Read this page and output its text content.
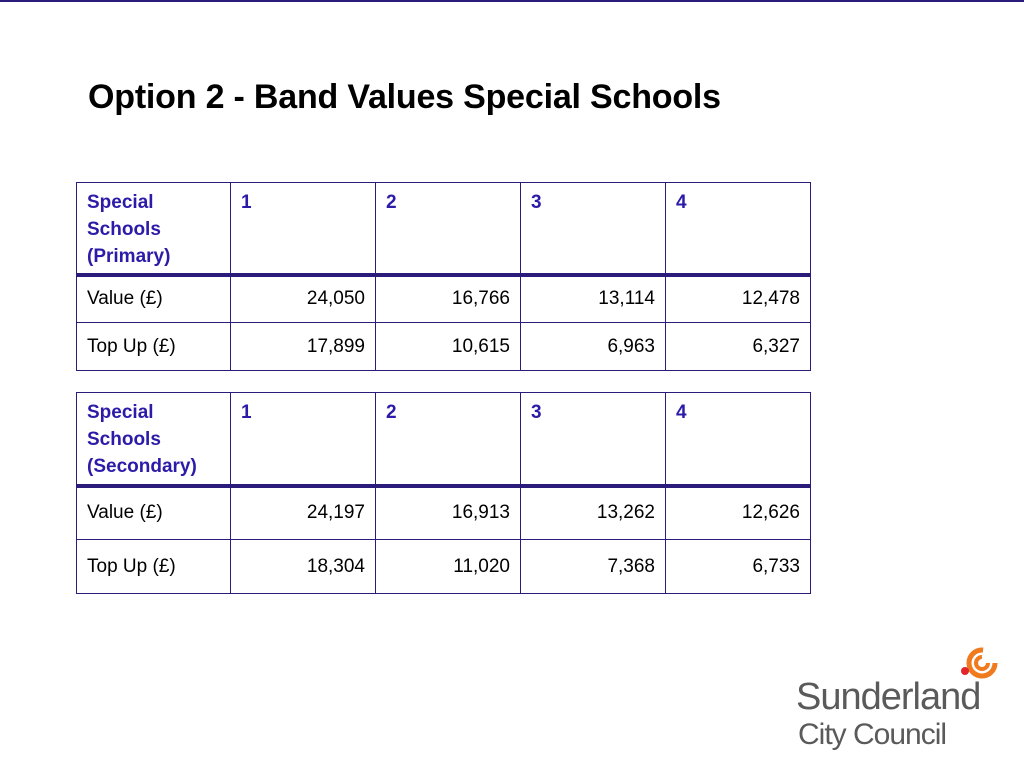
Option 2 - Band Values Special Schools
Special Schools (Primary)	1	2	3	4
Value (£)	24,050	16,766	13,114	12,478
Top Up (£)	17,899	10,615	6,963	6,327
Special Schools (Secondary)	1	2	3	4
Value (£)	24,197	16,913	13,262	12,626
Top Up (£)	18,304	11,020	7,368	6,733
Sunderland
City Council
